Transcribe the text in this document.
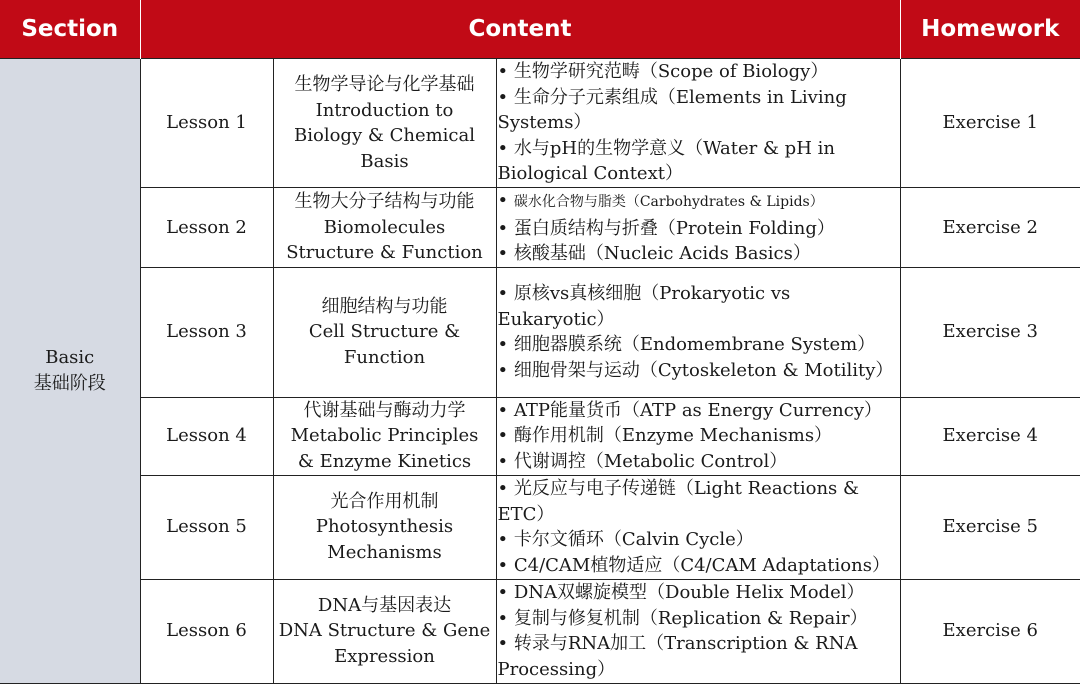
Section	Content			Homework

Basic
基础阶段	Lesson 1	生物学导论与化学基础
Introduction to
Biology & Chemical
Basis	• 生物学研究范畴（Scope of Biology）
• 生命分子元素组成（Elements in Living Systems）
• 水与pH的生物学意义（Water & pH in Biological Context）	Exercise 1
	Lesson 2	生物大分子结构与功能
Biomolecules
Structure & Function	• 碳水化合物与脂类（Carbohydrates & Lipids）
• 蛋白质结构与折叠（Protein Folding）
• 核酸基础（Nucleic Acids Basics）	Exercise 2
	Lesson 3	细胞结构与功能
Cell Structure &
Function	• 原核vs真核细胞（Prokaryotic vs Eukaryotic）
• 细胞器膜系统（Endomembrane System）
• 细胞骨架与运动（Cytoskeleton & Motility）	Exercise 3
	Lesson 4	代谢基础与酶动力学
Metabolic Principles
& Enzyme Kinetics	• ATP能量货币（ATP as Energy Currency）
• 酶作用机制（Enzyme Mechanisms）
• 代谢调控（Metabolic Control）	Exercise 4
	Lesson 5	光合作用机制
Photosynthesis
Mechanisms	• 光反应与电子传递链（Light Reactions & ETC）
• 卡尔文循环（Calvin Cycle）
• C4/CAM植物适应（C4/CAM Adaptations）	Exercise 5
	Lesson 6	DNA与基因表达
DNA Structure & Gene
Expression	• DNA双螺旋模型（Double Helix Model）
• 复制与修复机制（Replication & Repair）
• 转录与RNA加工（Transcription & RNA Processing）	Exercise 6
